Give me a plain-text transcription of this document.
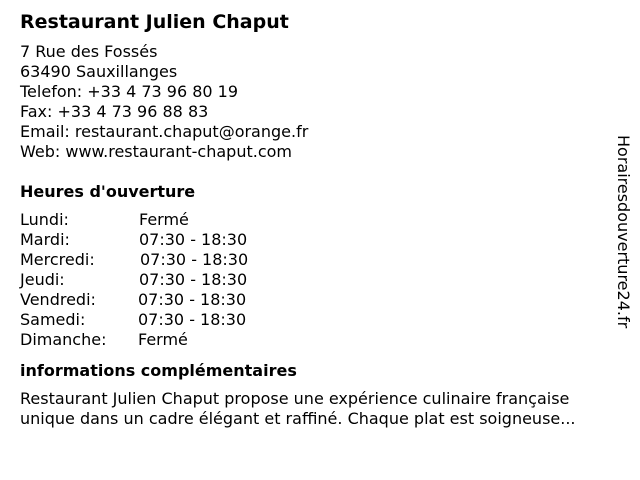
Restaurant Julien Chaput
7 Rue des Fossés
63490 Sauxillanges
Telefon: +33 4 73 96 80 19
Fax: +33 4 73 96 88 83
Email: restaurant.chaput@orange.fr
Web: www.restaurant-chaput.com
Heures d'ouverture
Lundi:	Fermé
Mardi:	07:30 - 18:30
Mercredi:	07:30 - 18:30
Jeudi:	07:30 - 18:30
Vendredi:	07:30 - 18:30
Samedi:	07:30 - 18:30
Dimanche: Fermé
informations complémentaires
Restaurant Julien Chaput propose une expérience culinaire française
unique dans un cadre élégant et raffiné. Chaque plat est soigneuse...
Horairesdouverture24.fr
